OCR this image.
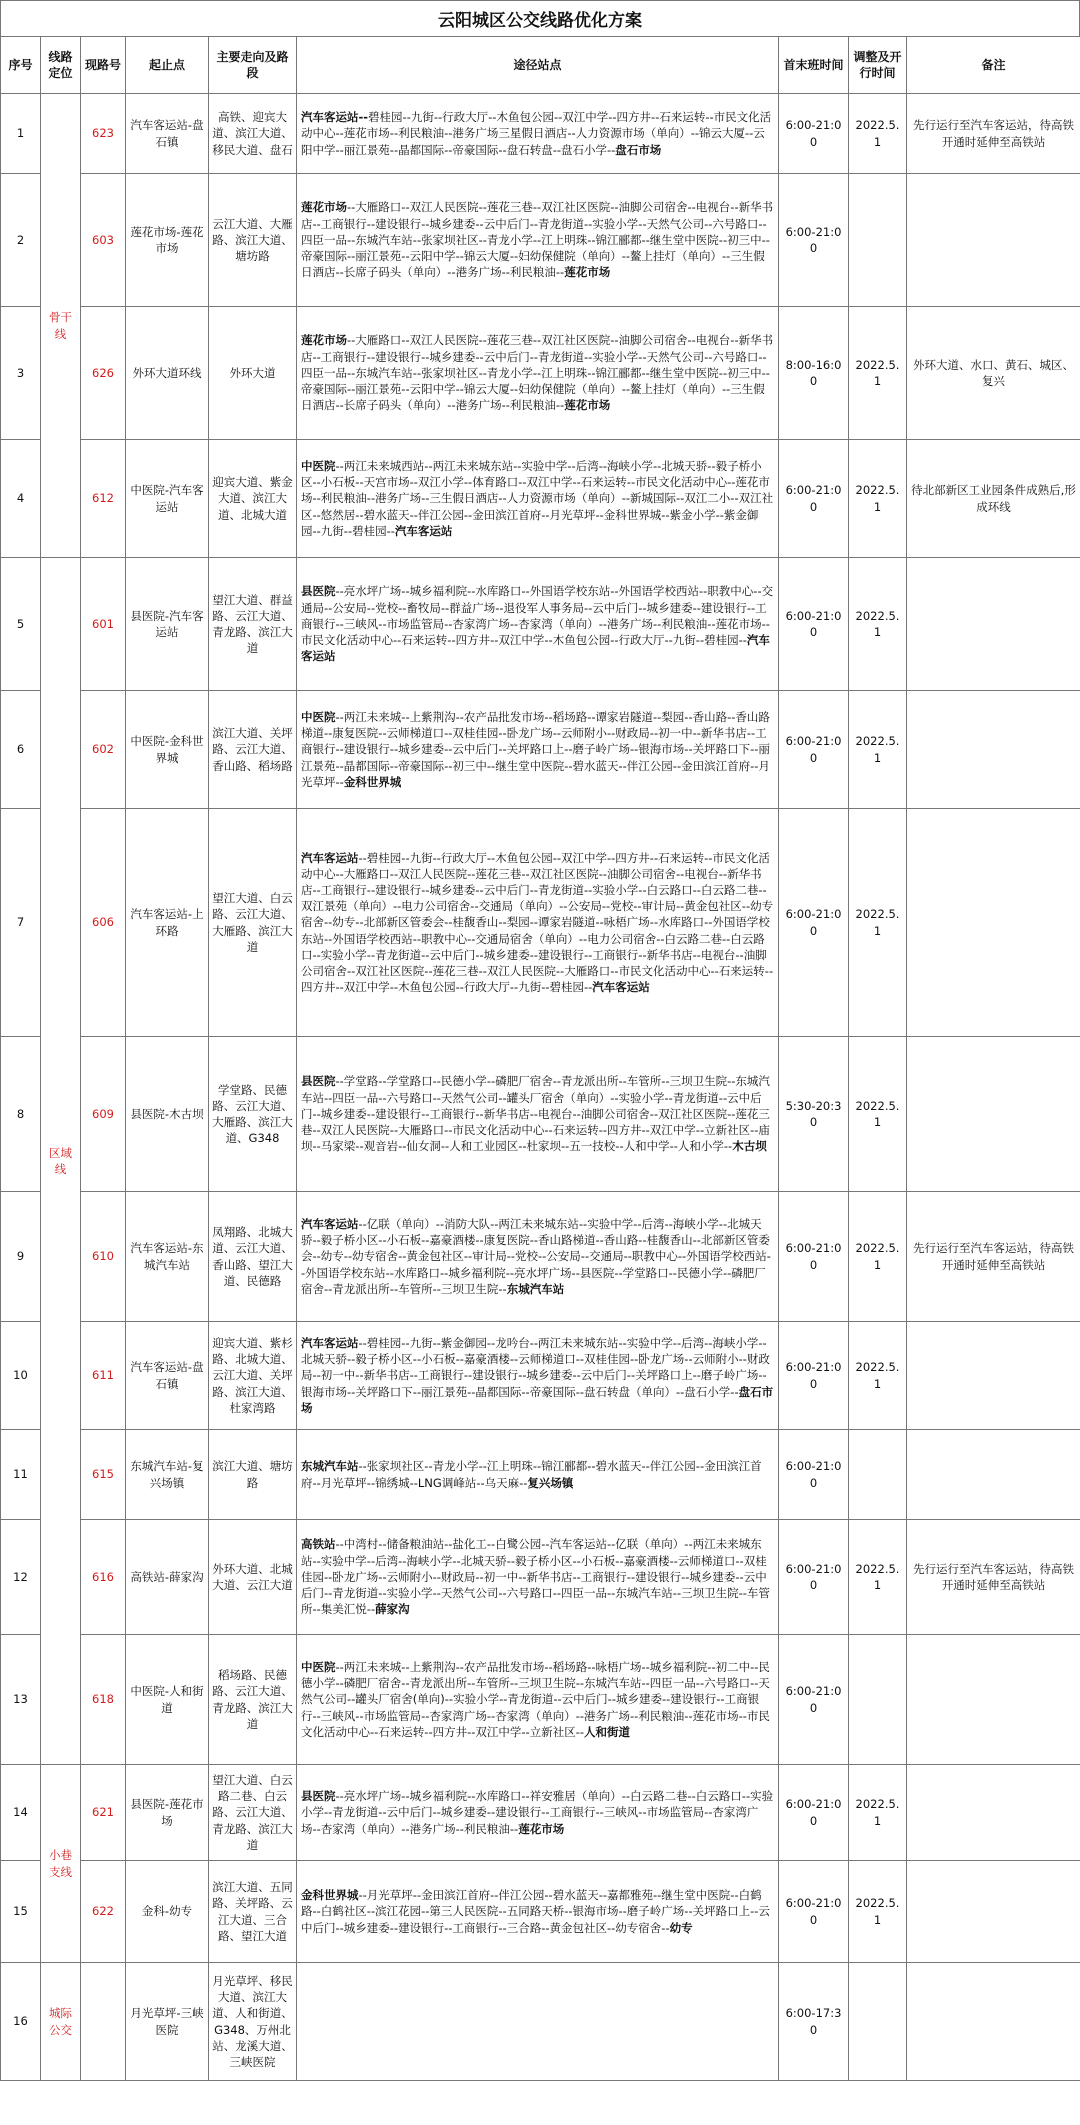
云阳城区公交线路优化方案
序号	线路定位	现路号	起止点	主要走向及路段	途径站点	首末班时间	调整及开行时间	备注
1	骨干线	623	汽车客运站-盘石镇	高铁、迎宾大道、滨江大道、移民大道、盘石	汽车客运站--碧桂园--九街--行政大厅--木鱼包公园--双江中学--四方井--石来运转--市民文化活动中心--莲花市场--利民粮油--港务广场三星假日酒店--人力资源市场（单向）--锦云大厦--云阳中学--丽江景苑--晶都国际--帝豪国际--盘石转盘--盘石小学--盘石市场	6:00-21:00	2022.5.1	先行运行至汽车客运站，待高铁开通时延伸至高铁站
2		603	莲花市场-莲花市场	云江大道、大雁路、滨江大道、塘坊路	莲花市场--大雁路口--双江人民医院--莲花三巷--双江社区医院--油脚公司宿舍--电视台--新华书店--工商银行--建设银行--城乡建委--云中后门--青龙街道--实验小学--天然气公司--六号路口--四臣一品--东城汽车站--张家坝社区--青龙小学--江上明珠--锦江郦都--继生堂中医院--初三中--帝豪国际--丽江景苑--云阳中学--锦云大厦--妇幼保健院（单向）--鳌上挂灯（单向）--三生假日酒店--长席子码头（单向）--港务广场--利民粮油--莲花市场	6:00-21:00		
3		626	外环大道环线	外环大道	莲花市场--大雁路口--双江人民医院--莲花三巷--双江社区医院--油脚公司宿舍--电视台--新华书店--工商银行--建设银行--城乡建委--云中后门--青龙街道--实验小学--天然气公司--六号路口--四臣一品--东城汽车站--张家坝社区--青龙小学--江上明珠--锦江郦都--继生堂中医院--初三中--帝豪国际--丽江景苑--云阳中学--锦云大厦--妇幼保健院（单向）--鳌上挂灯（单向）--三生假日酒店--长席子码头（单向）--港务广场--利民粮油--莲花市场	8:00-16:00	2022.5.1	外环大道、水口、黄石、城区、复兴
4		612	中医院-汽车客运站	迎宾大道、紫金大道、滨江大道、北城大道	中医院--两江未来城西站--两江未来城东站--实验中学--后湾--海峡小学--北城天骄--毅子桥小区--小石板--天宫市场--双江小学--体育路口--双江中学--石来运转--市民文化活动中心--莲花市场--利民粮油--港务广场--三生假日酒店--人力资源市场（单向）--新城国际--双江二小--双江社区--悠然居--碧水蓝天--伴江公园--金田滨江首府--月光草坪--金科世界城--紫金小学--紫金御园--九街--碧桂园--汽车客运站	6:00-21:00	2022.5.1	待北部新区工业园条件成熟后,形成环线
5	区域线	601	县医院-汽车客运站	望江大道、群益路、云江大道、青龙路、滨江大道	县医院--亮水坪广场--城乡福利院--水库路口--外国语学校东站--外国语学校西站--职教中心--交通局--公安局--党校--畜牧局--群益广场--退役军人事务局--云中后门--城乡建委--建设银行--工商银行--三峡风--市场监管局--杏家湾广场--杏家湾（单向）--港务广场--利民粮油--莲花市场--市民文化活动中心--石来运转--四方井--双江中学--木鱼包公园--行政大厅--九街--碧桂园--汽车客运站	6:00-21:00	2022.5.1	
6		602	中医院-金科世界城	滨江大道、关坪路、云江大道、香山路、稻场路	中医院--两江未来城--上紫荆沟--农产品批发市场--稻场路--谭家岩隧道--梨园--香山路--香山路梯道--康复医院--云师梯道口--双桂佳园--卧龙广场--云师附小--财政局--初一中--新华书店--工商银行--建设银行--城乡建委--云中后门--关坪路口上--磨子岭广场--银海市场--关坪路口下--丽江景苑--晶都国际--帝豪国际--初三中--继生堂中医院--碧水蓝天--伴江公园--金田滨江首府--月光草坪--金科世界城	6:00-21:00	2022.5.1	
7		606	汽车客运站-上环路	望江大道、白云路、云江大道、大雁路、滨江大道	汽车客运站--碧桂园--九街--行政大厅--木鱼包公园--双江中学--四方井--石来运转--市民文化活动中心--大雁路口--双江人民医院--莲花三巷--双江社区医院--油脚公司宿舍--电视台--新华书店--工商银行--建设银行--城乡建委--云中后门--青龙街道--实验小学--白云路口--白云路二巷--双江景苑（单向）--电力公司宿舍--交通局（单向）--公安局--党校--审计局--黄金包社区--幼专宿舍--幼专--北部新区管委会--桂馥香山--梨园--谭家岩隧道--咏梧广场--水库路口--外国语学校东站--外国语学校西站--职教中心--交通局宿舍（单向）--电力公司宿舍--白云路二巷--白云路口--实验小学--青龙街道--云中后门--城乡建委--建设银行--工商银行--新华书店--电视台--油脚公司宿舍--双江社区医院--莲花三巷--双江人民医院--大雁路口--市民文化活动中心--石来运转--四方井--双江中学--木鱼包公园--行政大厅--九街--碧桂园--汽车客运站	6:00-21:00	2022.5.1	
8		609	县医院-木古坝	学堂路、民德路、云江大道、大雁路、滨江大道、G348	县医院--学堂路--学堂路口--民德小学--磷肥厂宿舍--青龙派出所--车管所--三坝卫生院--东城汽车站--四臣一品--六号路口--天然气公司--罐头厂宿舍（单向）--实验小学--青龙街道--云中后门--城乡建委--建设银行--工商银行--新华书店--电视台--油脚公司宿舍--双江社区医院--莲花三巷--双江人民医院--大雁路口--市民文化活动中心--石来运转--四方井--双江中学--立新社区--庙坝--马家梁--观音岩--仙女洞--人和工业园区--杜家坝--五一技校--人和中学--人和小学--木古坝	5:30-20:30	2022.5.1	
9		610	汽车客运站-东城汽车站	凤翔路、北城大道、云江大道、香山路、望江大道、民德路	汽车客运站--亿联（单向）--消防大队--两江未来城东站--实验中学--后湾--海峡小学--北城天骄--毅子桥小区--小石板--嘉豪酒楼--康复医院--香山路梯道--香山路--桂馥香山--北部新区管委会--幼专--幼专宿舍--黄金包社区--审计局--党校--公安局--交通局--职教中心--外国语学校西站--外国语学校东站--水库路口--城乡福利院--亮水坪广场--县医院--学堂路口--民德小学--磷肥厂宿舍--青龙派出所--车管所--三坝卫生院--东城汽车站	6:00-21:00	2022.5.1	先行运行至汽车客运站，待高铁开通时延伸至高铁站
10		611	汽车客运站-盘石镇	迎宾大道、紫杉路、北城大道、云江大道、关坪路、滨江大道、杜家湾路	汽车客运站--碧桂园--九街--紫金御园--龙吟台--两江未来城东站--实验中学--后湾--海峡小学--北城天骄--毅子桥小区--小石板--嘉豪酒楼--云师梯道口--双桂佳园--卧龙广场--云师附小--财政局--初一中--新华书店--工商银行--建设银行--城乡建委--云中后门--关坪路口上--磨子岭广场--银海市场--关坪路口下--丽江景苑--晶都国际--帝豪国际--盘石转盘（单向）--盘石小学--盘石市场	6:00-21:00	2022.5.1	
11		615	东城汽车站-复兴场镇	滨江大道、塘坊路	东城汽车站--张家坝社区--青龙小学--江上明珠--锦江郦都--碧水蓝天--伴江公园--金田滨江首府--月光草坪--锦绣城--LNG调峰站--乌天麻--复兴场镇	6:00-21:00		
12		616	高铁站-薛家沟	外环大道、北城大道、云江大道	高铁站--中湾村--储备粮油站--盐化工--白鹭公园--汽车客运站--亿联（单向）--两江未来城东站--实验中学--后湾--海峡小学--北城天骄--毅子桥小区--小石板--嘉豪酒楼--云师梯道口--双桂佳园--卧龙广场--云师附小--财政局--初一中--新华书店--工商银行--建设银行--城乡建委--云中后门--青龙街道--实验小学--天然气公司--六号路口--四臣一品--东城汽车站--三坝卫生院--车管所--集美汇悦--薛家沟	6:00-21:00	2022.5.1	先行运行至汽车客运站，待高铁开通时延伸至高铁站
13		618	中医院-人和街道	稻场路、民德路、云江大道、青龙路、滨江大道	中医院--两江未来城--上紫荆沟--农产品批发市场--稻场路--咏梧广场--城乡福利院--初二中--民德小学--磷肥厂宿舍--青龙派出所--车管所--三坝卫生院--东城汽车站--四臣一品--六号路口--天然气公司--罐头厂宿舍(单向)--实验小学--青龙街道--云中后门--城乡建委--建设银行--工商银行--三峡风--市场监管局--杏家湾广场--杏家湾（单向）--港务广场--利民粮油--莲花市场--市民文化活动中心--石来运转--四方井--双江中学--立新社区--人和街道	6:00-21:00		
14	小巷支线	621	县医院-莲花市场	望江大道、白云路二巷、白云路、云江大道、青龙路、滨江大道	县医院--亮水坪广场--城乡福利院--水库路口--祥安雅居（单向）--白云路二巷--白云路口--实验小学--青龙街道--云中后门--城乡建委--建设银行--工商银行--三峡风--市场监管局--杏家湾广场--杏家湾（单向）--港务广场--利民粮油--莲花市场	6:00-21:00	2022.5.1	
15		622	金科-幼专	滨江大道、五同路、关坪路、云江大道、三合路、望江大道	金科世界城--月光草坪--金田滨江首府--伴江公园--碧水蓝天--嘉都雅苑--继生堂中医院--白鹤路--白鹤社区--滨江花园--第三人民医院--五同路天桥--银海市场--磨子岭广场--关坪路口上--云中后门--城乡建委--建设银行--工商银行--三合路--黄金包社区--幼专宿舍--幼专	6:00-21:00	2022.5.1	
16	城际公交		月光草坪-三峡医院	月光草坪、移民大道、滨江大道、人和街道、G348、万州北站、龙溪大道、三峡医院		6:00-17:30		
